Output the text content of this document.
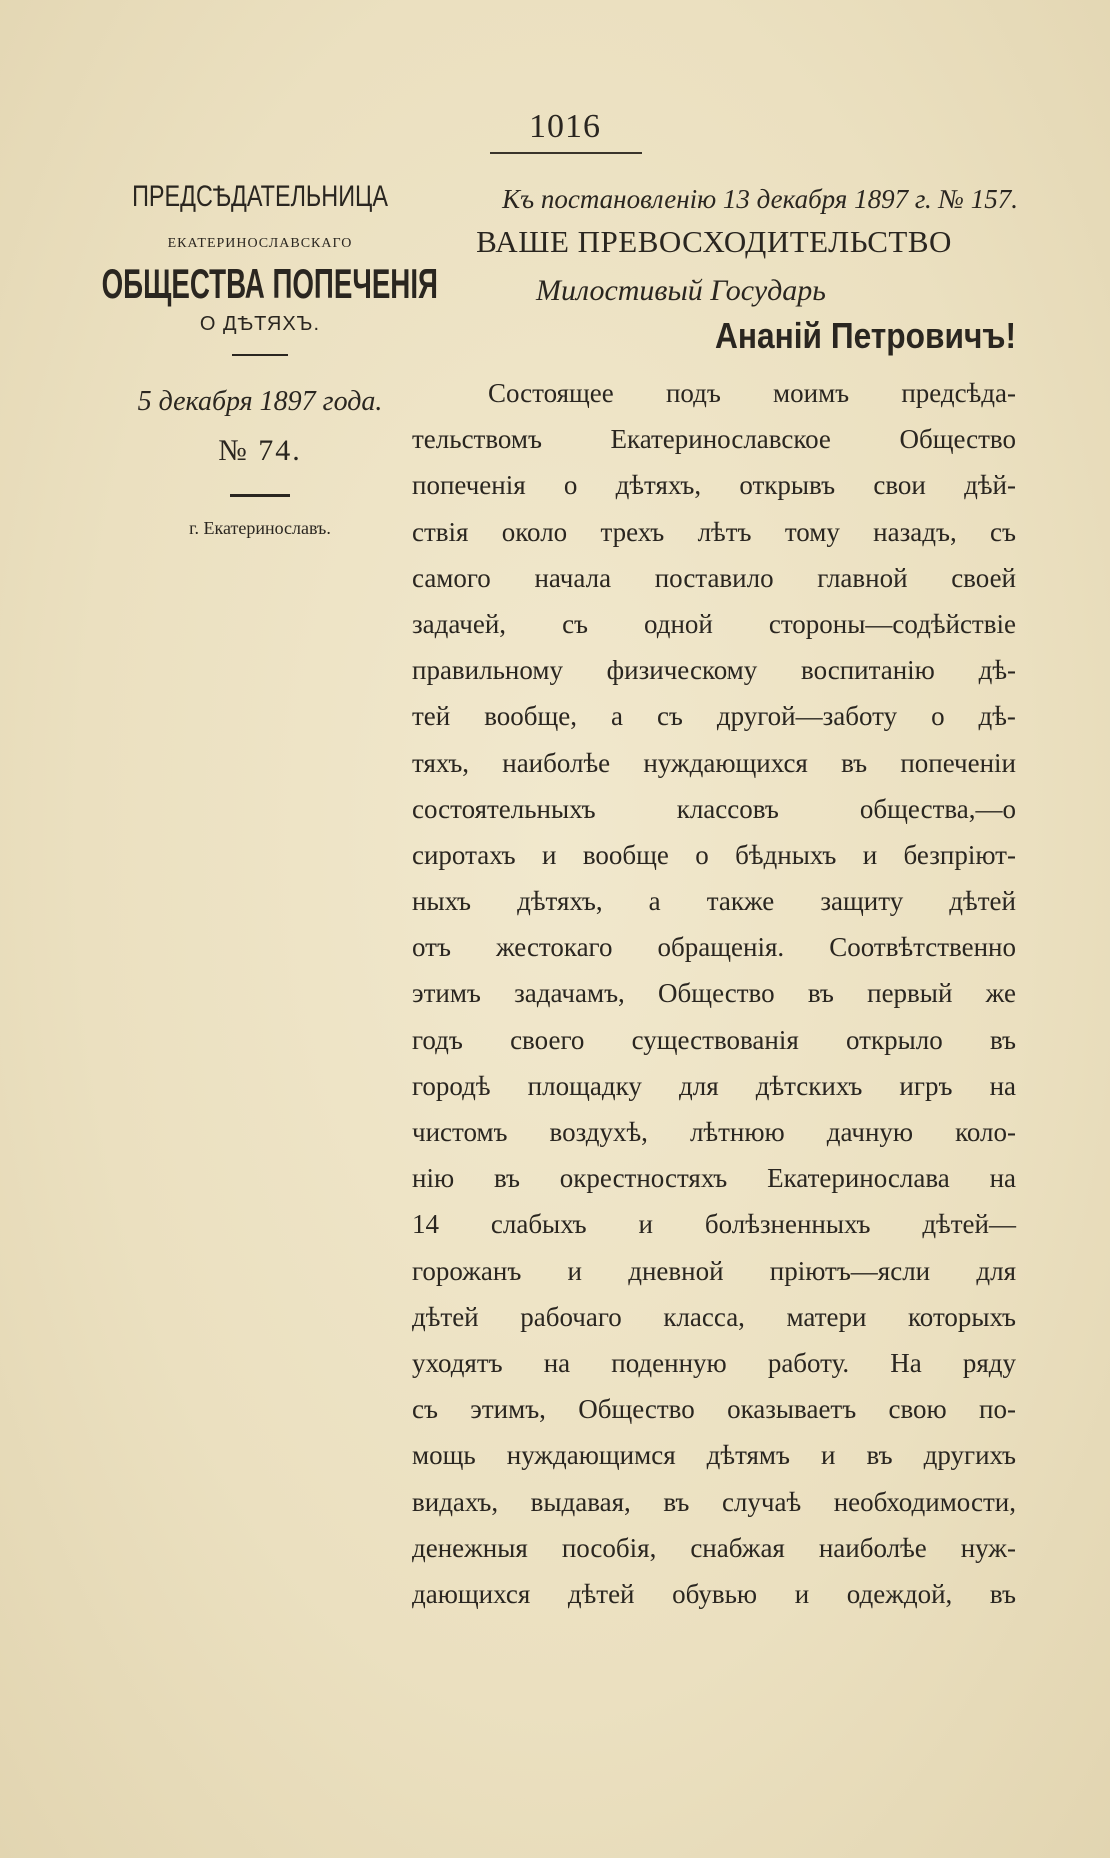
1016
ПРЕДСѢДАТЕЛЬНИЦА
ЕКАТЕРИНОСЛАВСКАГО
ОБЩЕСТВА ПОПЕЧЕНІЯ
О ДѢТЯХЪ.
5 декабря 1897 года.
№ 74.
г. Екатеринославъ.
Къ постановленію 13 декабря 1897 г. № 157.
ВАШЕ ПРЕВОСХОДИТЕЛЬСТВО
Милостивый Государь
Ананій Петровичъ!
Состоящее подъ моимъ предсѣда-
тельствомъ	Екатеринославское	Общество
попеченія о дѣтяхъ, открывъ свои дѣй-
ствія около трехъ лѣтъ тому назадъ, съ
самого начала поставило главной своей
задачей, съ одной стороны—содѣйствіе
правильному физическому воспитанію дѣ-
тей вообще, а съ другой—заботу о дѣ-
тяхъ, наиболѣе нуждающихся въ попеченіи
состоятельныхъ	классовъ	общества,—о
сиротахъ и вообще о бѣдныхъ и безпріют-
ныхъ дѣтяхъ, а также защиту дѣтей
отъ жестокаго обращенія. Соотвѣтственно
этимъ задачамъ, Общество въ первый же
годъ своего существованія открыло въ
городѣ площадку для дѣтскихъ игръ на
чистомъ воздухѣ, лѣтнюю дачную коло-
нію въ окрестностяхъ Екатеринослава на
14 слабыхъ и болѣзненныхъ дѣтей—
горожанъ и дневной пріютъ—ясли для
дѣтей рабочаго класса, матери которыхъ
уходятъ на поденную работу. На ряду
съ этимъ, Общество оказываетъ свою по-
мощь нуждающимся дѣтямъ и въ другихъ
видахъ, выдавая, въ случаѣ необходимости,
денежныя пособія, снабжая наиболѣе нуж-
дающихся дѣтей обувью и одеждой, въ
